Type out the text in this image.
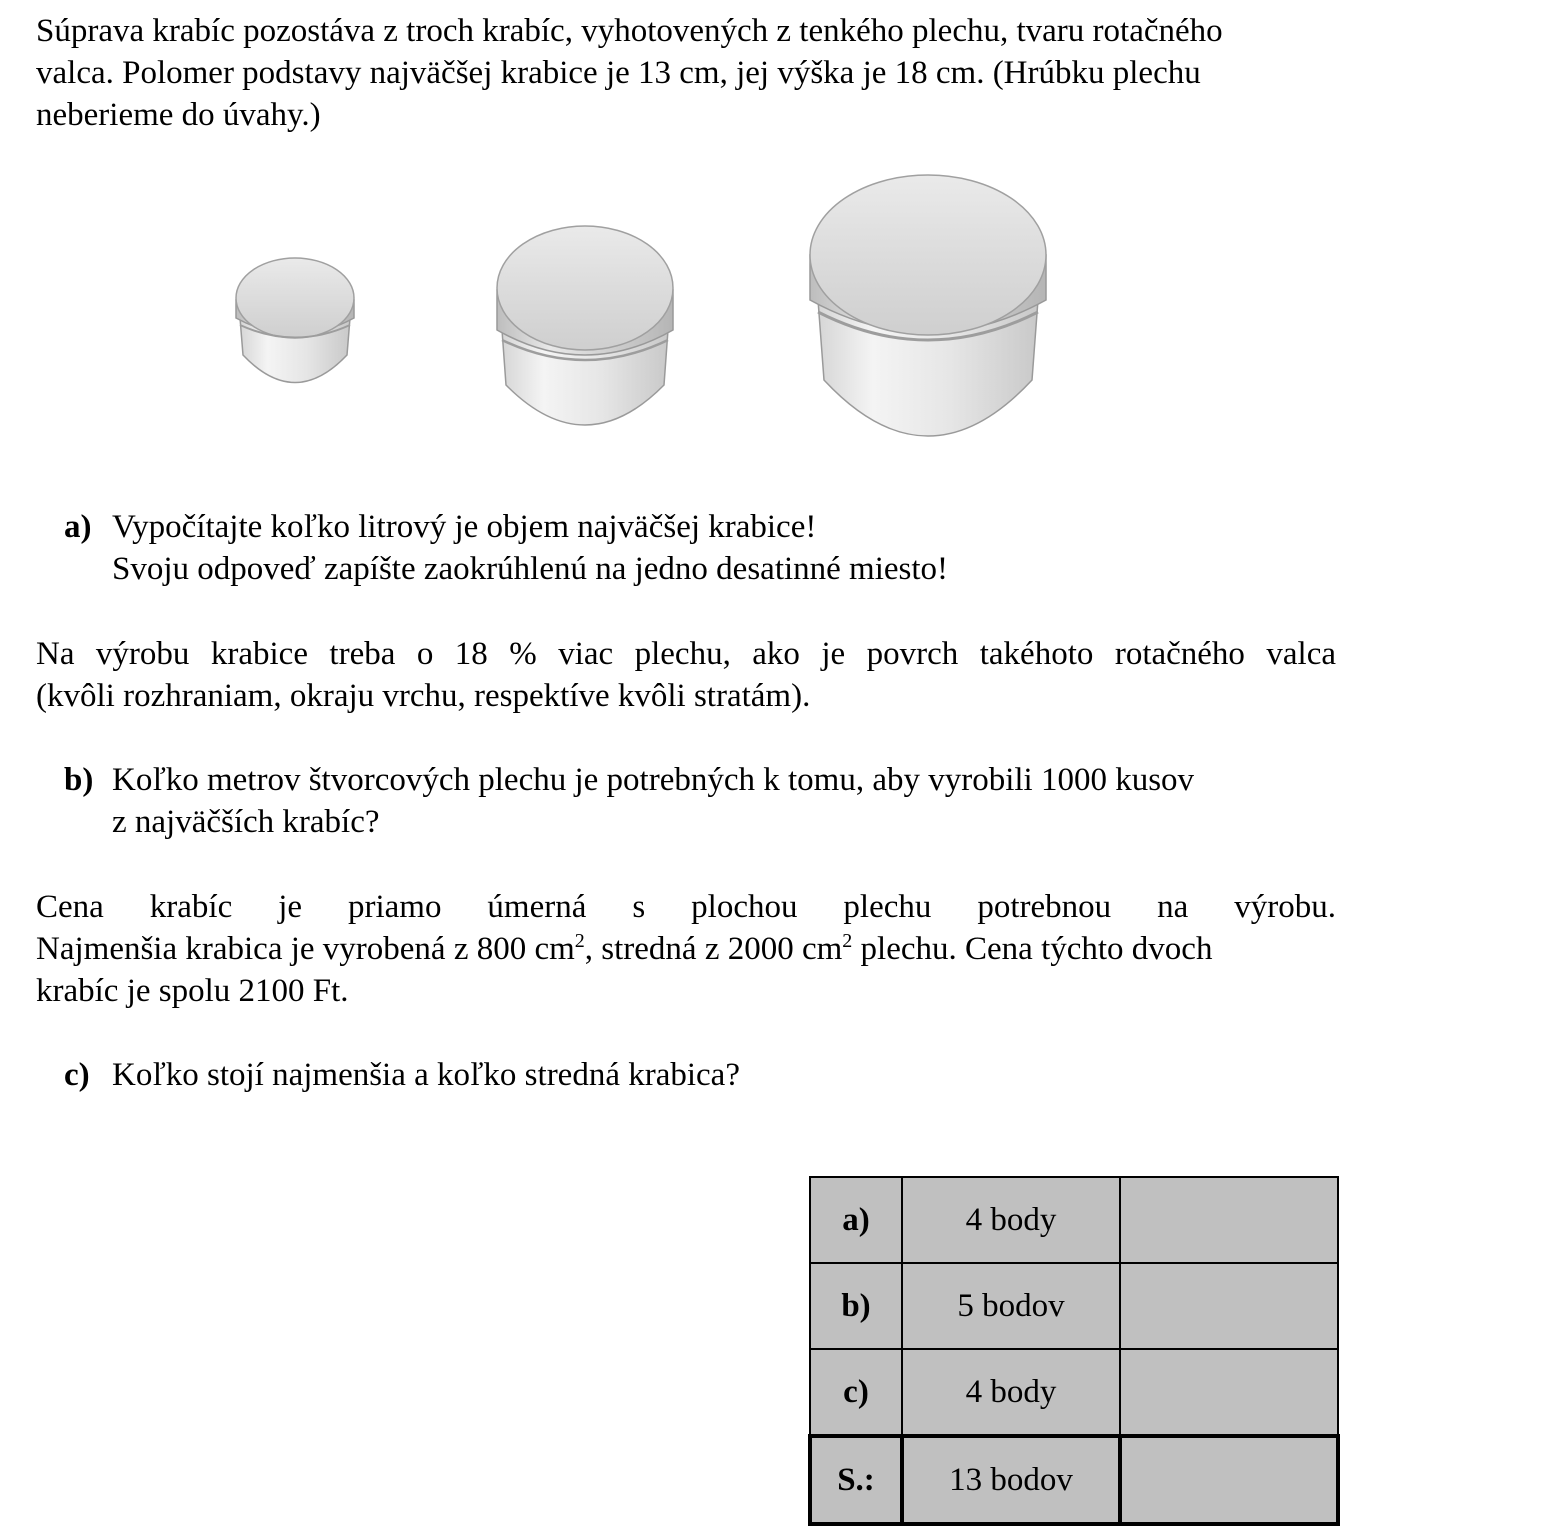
Súprava krabíc pozostáva z troch krabíc, vyhotovených z tenkého plechu, tvaru rotačného
valca. Polomer podstavy najväčšej krabice je 13 cm, jej výška je 18 cm. (Hrúbku plechu
neberieme do úvahy.)
a) Vypočítajte koľko litrový je objem najväčšej krabice!
Svoju odpoveď zapíšte zaokrúhlenú na jedno desatinné miesto!
Na výrobu krabice treba o 18 % viac plechu, ako je povrch takéhoto rotačného valca
(kvôli rozhraniam, okraju vrchu, respektíve kvôli stratám).
b) Koľko metrov štvorcových plechu je potrebných k tomu, aby vyrobili 1000 kusov
z najväčších krabíc?
Cena krabíc je priamo úmerná s plochou plechu potrebnou na výrobu.
Najmenšia krabica je vyrobená z 800 $cm^2$, stredná z 2000 $cm^2$ plechu. Cena týchto dvoch
krabíc je spolu 2100 Ft.
c) Koľko stojí najmenšia a koľko stredná krabica?
a)	4 body	
b)	5 bodov	
c)	4 body	
S.:	13 bodov	
